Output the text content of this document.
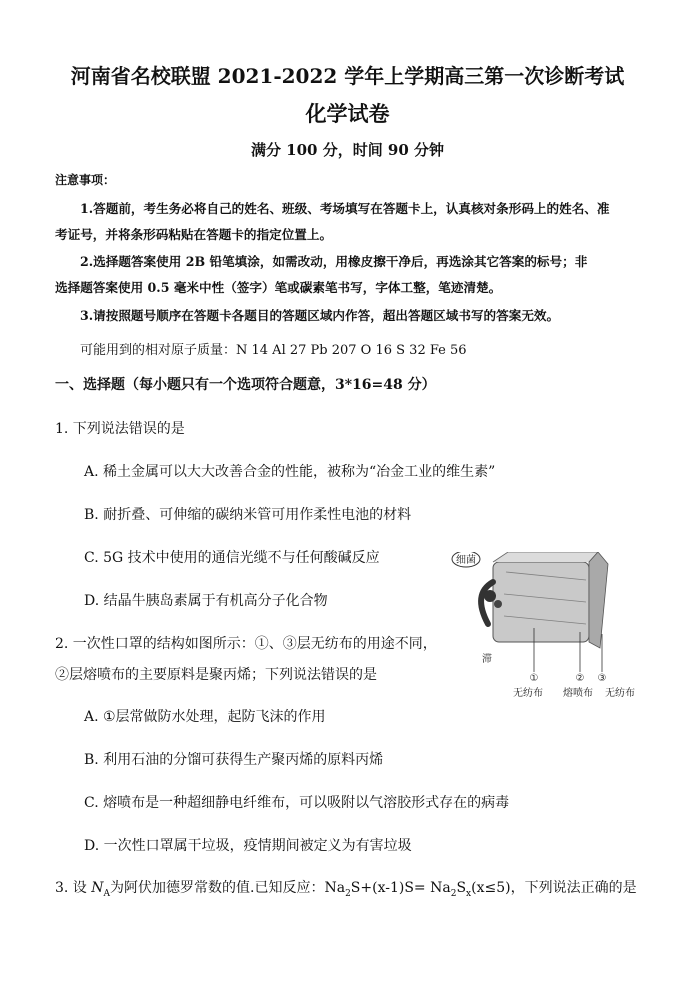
河南省名校联盟 2021-2022 学年上学期高三第一次诊断考试
化学试卷
满分 100 分，时间 90 分钟
注意事项：
1.答题前，考生务必将自己的姓名、班级、考场填写在答题卡上，认真核对条形码上的姓名、准
考证号，并将条形码粘贴在答题卡的指定位置上。
2.选择题答案使用 2B 铅笔填涂，如需改动，用橡皮擦干净后，再选涂其它答案的标号；非
选择题答案使用 0.5 毫米中性（签字）笔或碳素笔书写，字体工整，笔迹清楚。
3.请按照题号顺序在答题卡各题目的答题区域内作答，超出答题区域书写的答案无效。
可能用到的相对原子质量：N 14 Al 27 Pb 207 O 16 S 32 Fe 56
一、选择题（每小题只有一个选项符合题意，3*16=48 分）
1. 下列说法错误的是
A. 稀土金属可以大大改善合金的性能，被称为“冶金工业的维生素”
B. 耐折叠、可伸缩的碳纳米管可用作柔性电池的材料
C. 5G 技术中使用的通信光缆不与任何酸碱反应
D. 结晶牛胰岛素属于有机高分子化合物
2. 一次性口罩的结构如图所示：①、③层无纺布的用途不同，
②层熔喷布的主要原料是聚丙烯；下列说法错误的是
A. ①层常做防水处理，起防飞沫的作用
B. 利用石油的分馏可获得生产聚丙烯的原料丙烯
C. 熔喷布是一种超细静电纤维布，可以吸附以气溶胶形式存在的病毒
D. 一次性口罩属干垃圾，疫情期间被定义为有害垃圾
3. 设 $N_A$为阿伏加德罗常数的值.已知反应：$Na_2S+(x-1)S= Na_2S_x(x\le 5)$，下列说法正确的是
细菌
滞
①	② ③
无纺布 熔喷布 无纺布
